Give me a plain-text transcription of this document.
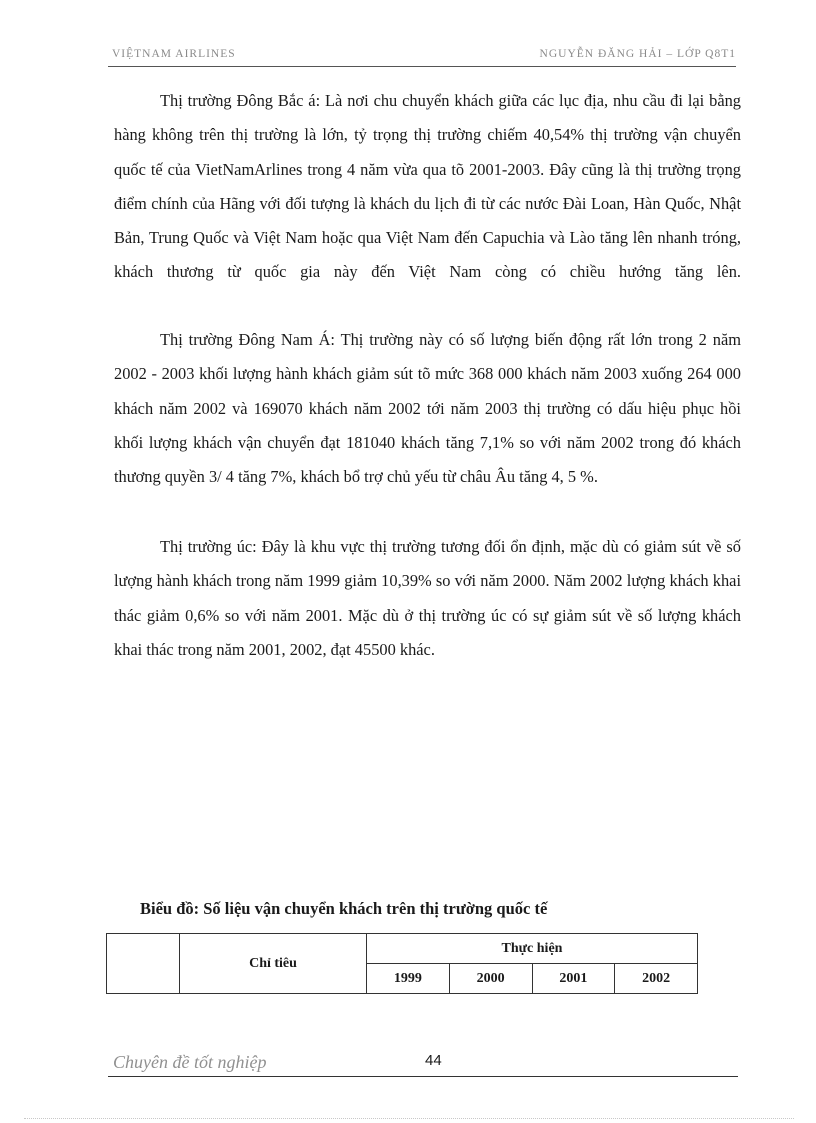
VIỆTNAM AIRLINES	NGUYỄN ĐĂNG HẢI – LỚP Q8T1

Thị trường Đông Bắc á: Là nơi chu chuyển khách giữa các lục địa, nhu cầu đi lại bằng hàng không trên thị trường là lớn, tỷ trọng thị trường chiếm 40,54% thị trường vận chuyển quốc tế của VietNamArlines trong 4 năm vừa qua tõ 2001-2003. Đây cũng là thị trường trọng điểm chính của Hãng với đối tượng là khách du lịch đi từ các nước Đài Loan, Hàn Quốc, Nhật Bản, Trung Quốc và Việt Nam hoặc qua Việt Nam đến Capuchia và Lào tăng lên nhanh tróng, khách thương từ quốc gia này đến Việt Nam còng có chiều hướng tăng lên.

Thị trường Đông Nam Á: Thị trường này có số lượng biến động rất lớn trong 2 năm 2002 - 2003 khối lượng hành khách giảm sút tõ mức 368 000 khách năm 2003 xuống 264 000 khách năm 2002 và 169070 khách năm 2002 tới năm 2003 thị trường có dấu hiệu phục hồi khối lượng khách vận chuyển đạt 181040 khách tăng 7,1% so với năm 2002 trong đó khách thương quyền 3/ 4 tăng 7%, khách bổ trợ chủ yếu từ châu Âu tăng 4, 5 %.

Thị trường úc: Đây là khu vực thị trường tương đối ổn định, mặc dù có giảm sút về số lượng hành khách trong năm 1999 giảm 10,39% so với năm 2000. Năm 2002 lượng khách khai thác giảm 0,6% so với năm 2001. Mặc dù ở thị trường úc có sự giảm sút về số lượng khách khai thác trong năm 2001, 2002, đạt 45500 khác.

Biểu đồ: Số liệu vận chuyển khách trên thị trường quốc tế
	Chỉ tiêu	Thực hiện			
		1999	2000	2001	2002
Chuyên đề tốt nghiệp	44
